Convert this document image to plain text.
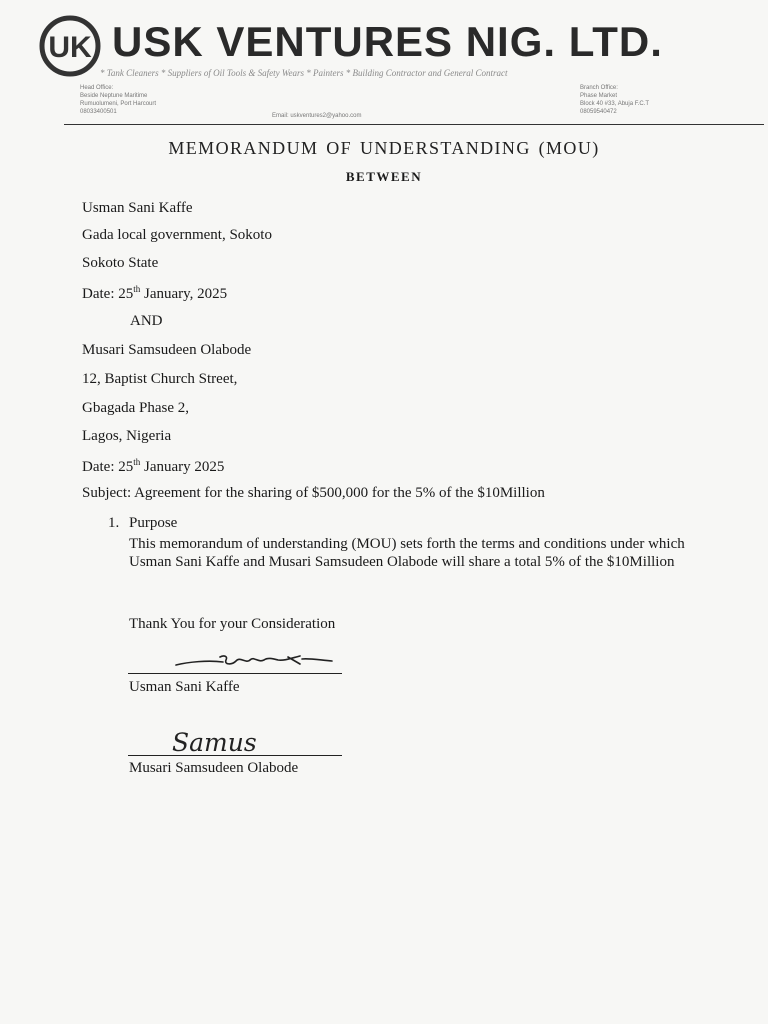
UK USK VENTURES NIG. LTD.
* Tank Cleaners * Suppliers of Oil Tools & Safety Wears * Painters * Building Contractor and General Contract
Head Office:
Beside Neptune Maritime
Rumuolumeni, Port Harcourt
08033400501
Branch Office:
Phase Market
Block 40 #33, Abuja F.C.T
08059540472
Email: uskventures2@yahoo.com
MEMORANDUM OF UNDERSTANDING (MOU)
BETWEEN
Usman Sani Kaffe
Gada local government, Sokoto
Sokoto State
Date: 25th January, 2025
AND
Musari Samsudeen Olabode
12, Baptist Church Street,
Gbagada Phase 2,
Lagos, Nigeria
Date: 25th January 2025
Subject: Agreement for the sharing of $500,000 for the 5% of the $10Million
1. Purpose
This memorandum of understanding (MOU) sets forth the terms and conditions under which Usman Sani Kaffe and Musari Samsudeen Olabode will share a total 5% of the $10Million
Thank You for your Consideration
Usman Sani Kaffe
Samus
Musari Samsudeen Olabode
